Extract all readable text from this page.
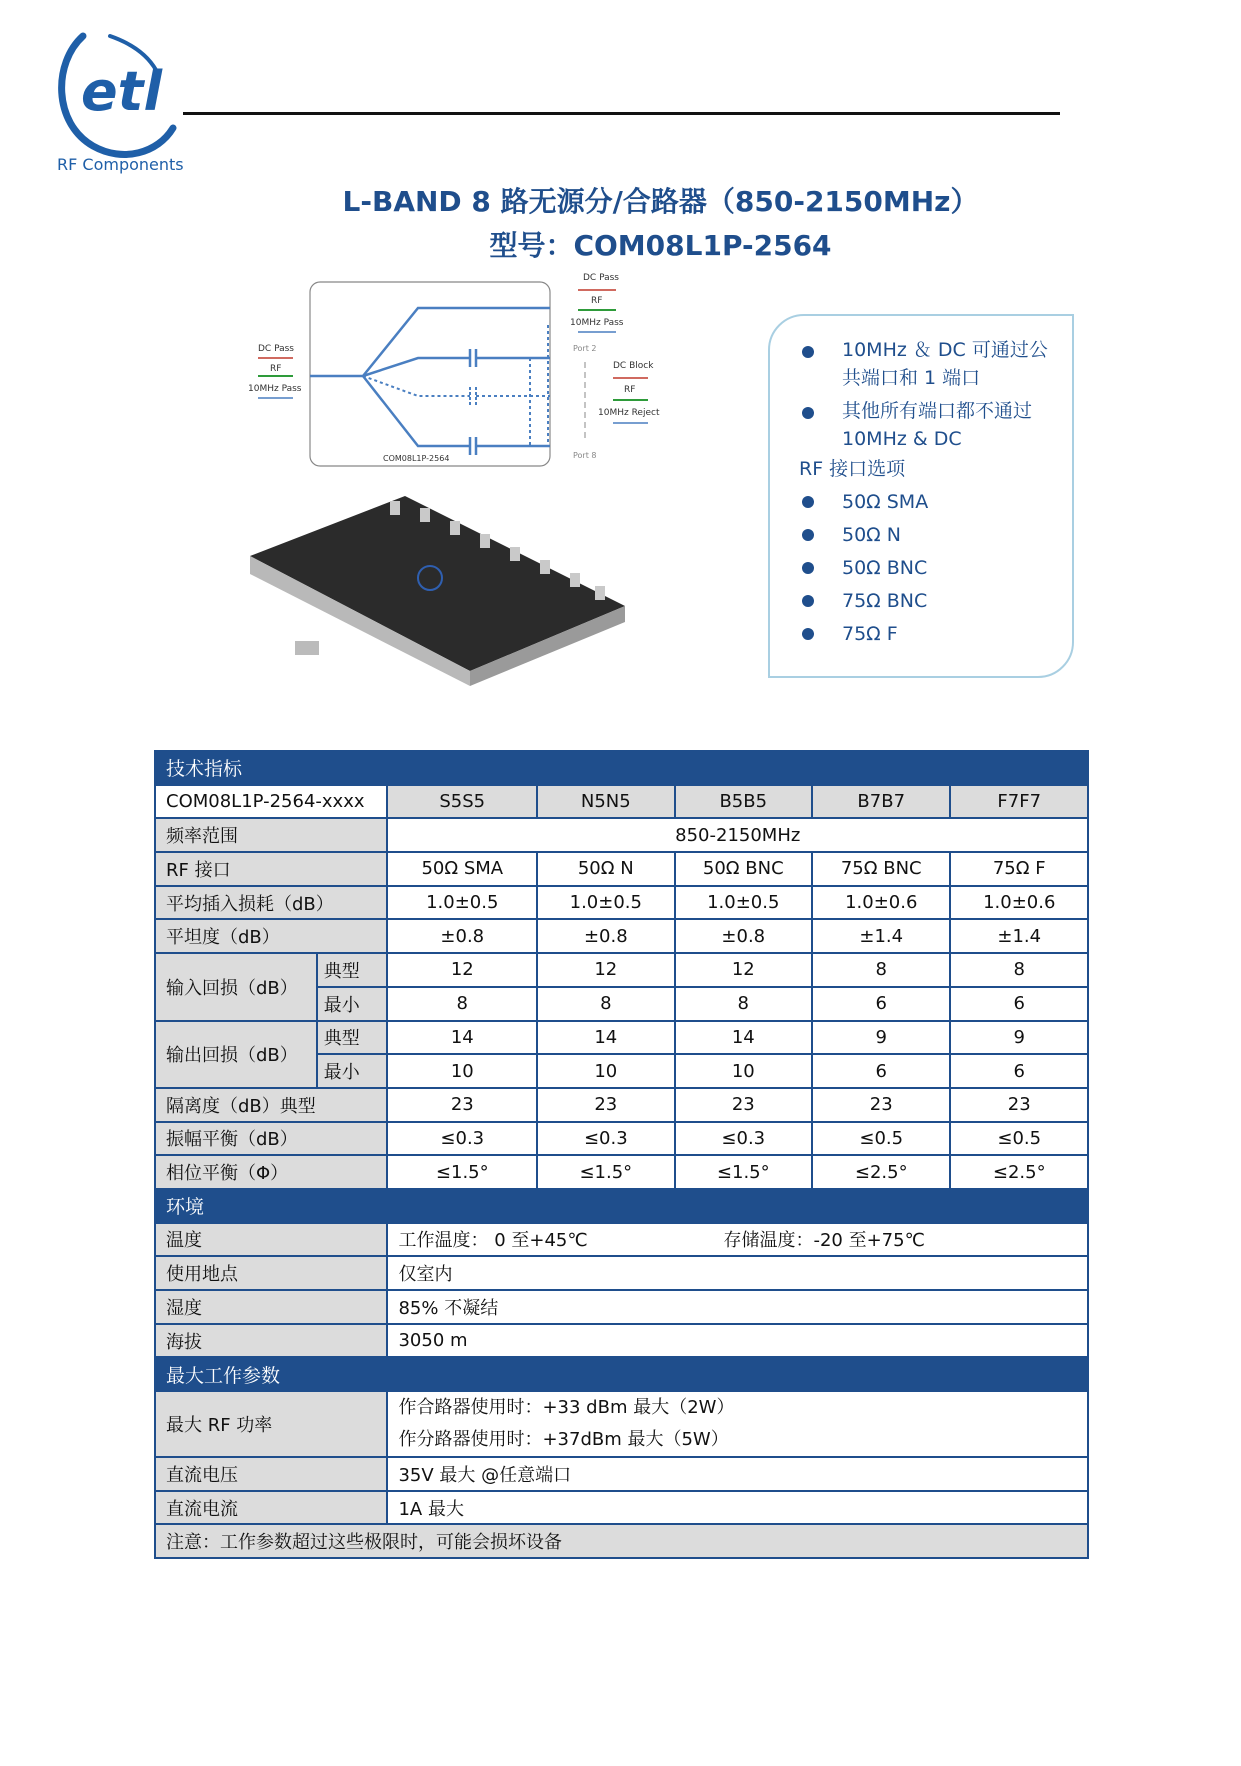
etl
RF Components
L-BAND 8 路无源分/合路器（850-2150MHz）
型号：COM08L1P-2564
DC Pass
RF
10MHz Pass
DC Pass
RF
10MHz Pass
Port 2
DC Block
RF
10MHz Reject
Port 8
COM08L1P-2564
10MHz ＆ DC 可通过公共端口和 1 端口
其他所有端口都不通过 10MHz & DC
RF 接口选项
50Ω SMA
50Ω N
50Ω BNC
75Ω BNC
75Ω F
技术指标						
COM08L1P-2564-xxxx		S5S5	N5N5	B5B5	B7B7	F7F7
频率范围		850-2150MHz				
RF 接口		50Ω SMA	50Ω N	50Ω BNC	75Ω BNC	75Ω F
平均插入损耗（dB）		1.0±0.5	1.0±0.5	1.0±0.5	1.0±0.6	1.0±0.6
平坦度（dB）		±0.8	±0.8	±0.8	±1.4	±1.4
输入回损（dB）	典型	12	12	12	8	8
	最小	8	8	8	6	6
输出回损（dB）	典型	14	14	14	9	9
	最小	10	10	10	6	6
隔离度（dB）典型		23	23	23	23	23
振幅平衡（dB）		≤0.3	≤0.3	≤0.3	≤0.5	≤0.5
相位平衡（Φ）		≤1.5°	≤1.5°	≤1.5°	≤2.5°	≤2.5°
环境						
温度		工作温度： 0 至+45℃ 存储温度：-20 至+75℃				
使用地点		仅室内				
湿度		85% 不凝结				
海拔		3050 m				
最大工作参数						
最大 RF 功率		作合路器使用时：+33 dBm 最大（2W）
作分路器使用时：+37dBm 最大（5W）				

直流电压		35V 最大 @任意端口				
直流电流		1A 最大				
注意：工作参数超过这些极限时，可能会损坏设备						
